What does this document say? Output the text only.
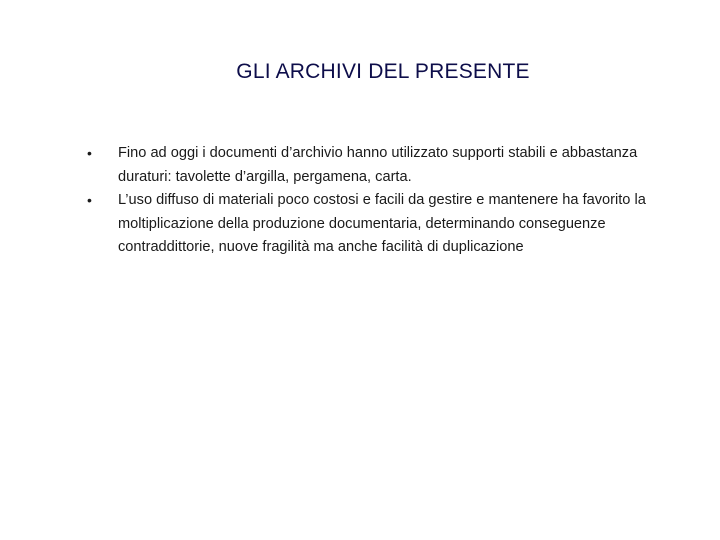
GLI ARCHIVI DEL PRESENTE
• Fino ad oggi i documenti d’archivio hanno utilizzato supporti stabili e abbastanza duraturi: tavolette d’argilla, pergamena, carta.
• L’uso diffuso di materiali poco costosi e facili da gestire e mantenere ha favorito la moltiplicazione della produzione documentaria, determinando conseguenze contraddittorie, nuove fragilità ma anche facilità di duplicazione
